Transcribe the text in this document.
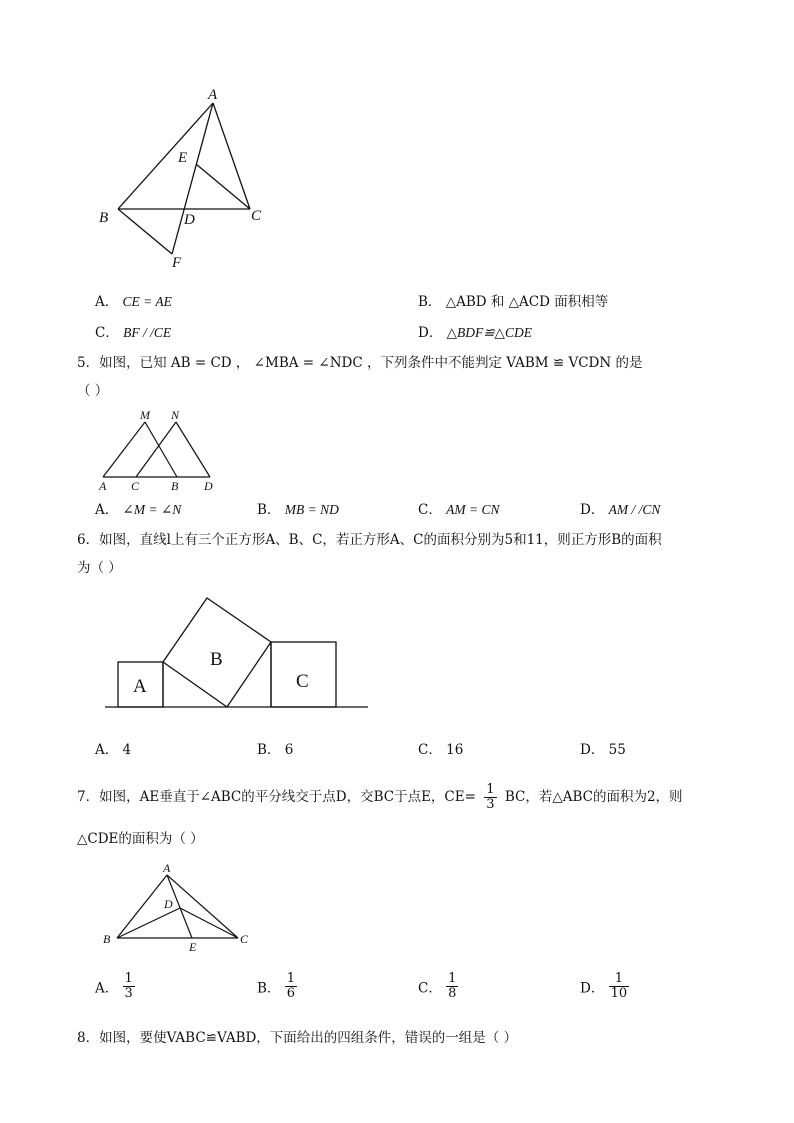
A
E
B	D	C
F
A． CE = AE	B． △ABD 和 △ACD 面积相等
C． BF / /CE	D． △BDF≌△CDE
5．如图，已知 AB = CD ， ∠MBA = ∠NDC ，下列条件中不能判定 VABM ≌ VCDN 的是
（ ）
M N
A C	B D
A． ∠M = ∠N	B． MB = ND	C． AM = CN	D． AM / /CN
6．如图，直线l上有三个正方形A、B、C，若正方形A、C的面积分别为5和11，则正方形B的面积
为（ ）
A
B
C
A． 4	B． 6	C． 16	D． 55
7．如图，AE垂直于∠ABC的平分线交于点D，交BC于点E，$CE= \frac{1}{3}$ BC，若△ABC的面积为2，则
△CDE的面积为（ ）
A
D
B
E
C
A． $\frac{1}{3}$	B． $\frac{1}{6}$	C． $\frac{1}{8}$	D． $\frac{1}{10}$
8．如图，要使VABC≌VABD，下面给出的四组条件，错误的一组是（ ）
